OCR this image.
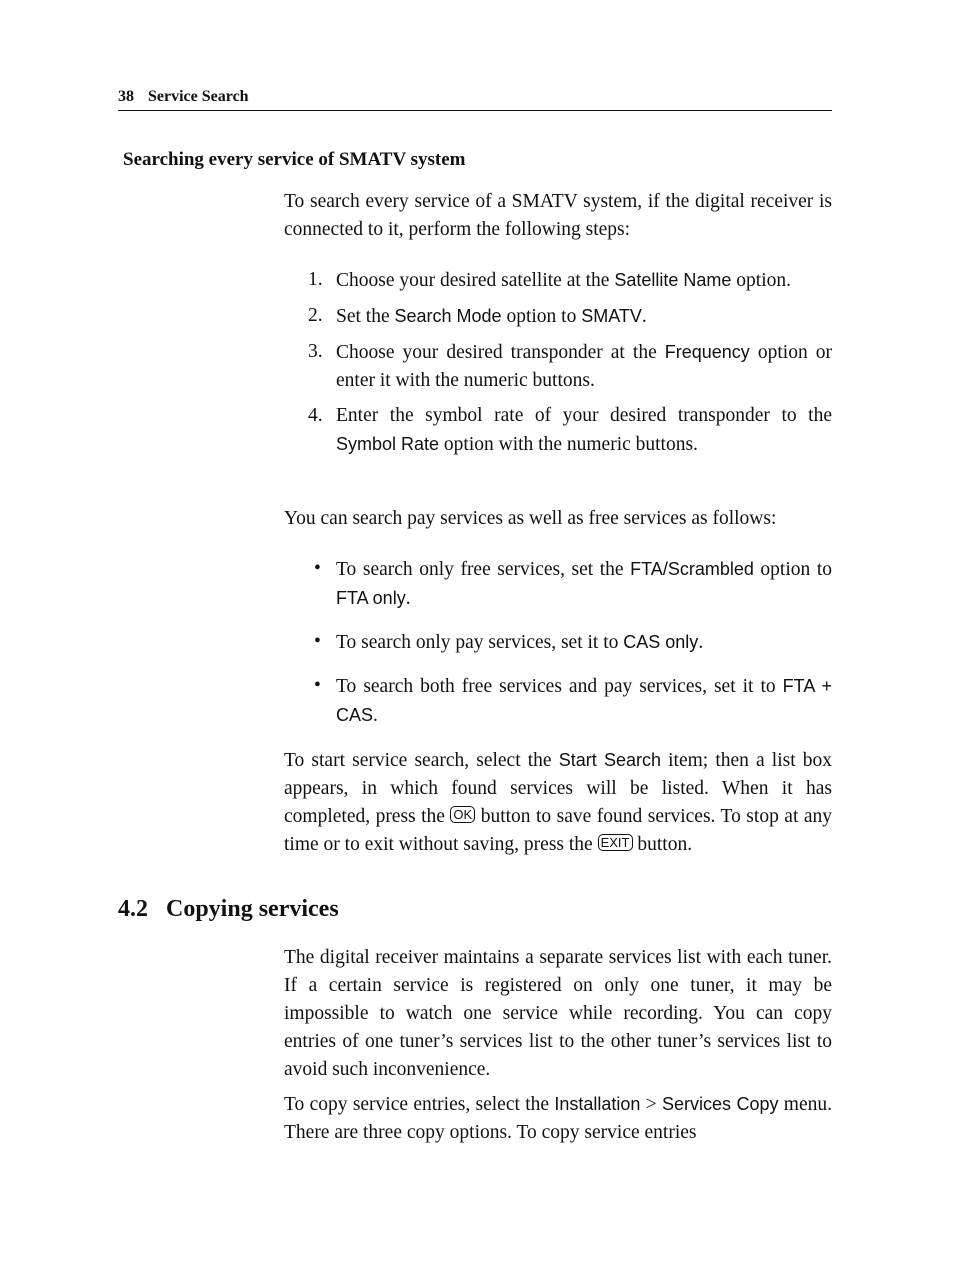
38 Service Search
Searching every service of SMATV system

To search every service of a SMATV system, if the digital receiver is connected to it, perform the following steps:

1. Choose your desired satellite at the Satellite Name option.
2. Set the Search Mode option to SMATV.
3. Choose your desired transponder at the Frequency option or enter it with the numeric buttons.
4. Enter the symbol rate of your desired transponder to the Symbol Rate option with the numeric buttons.

You can search pay services as well as free services as follows:

• To search only free services, set the FTA/Scrambled option to FTA only.
• To search only pay services, set it to CAS only.
• To search both free services and pay services, set it to FTA + CAS.

To start service search, select the Start Search item; then a list box appears, in which found services will be listed. When it has completed, press the OK button to save found services. To stop at any time or to exit without saving, press the EXIT button.

4.2 Copying services

The digital receiver maintains a separate services list with each tuner. If a certain service is registered on only one tuner, it may be impossible to watch one service while recording. You can copy entries of one tuner’s services list to the other tuner’s services list to avoid such inconvenience.

To copy service entries, select the Installation > Services Copy menu. There are three copy options. To copy service entries
